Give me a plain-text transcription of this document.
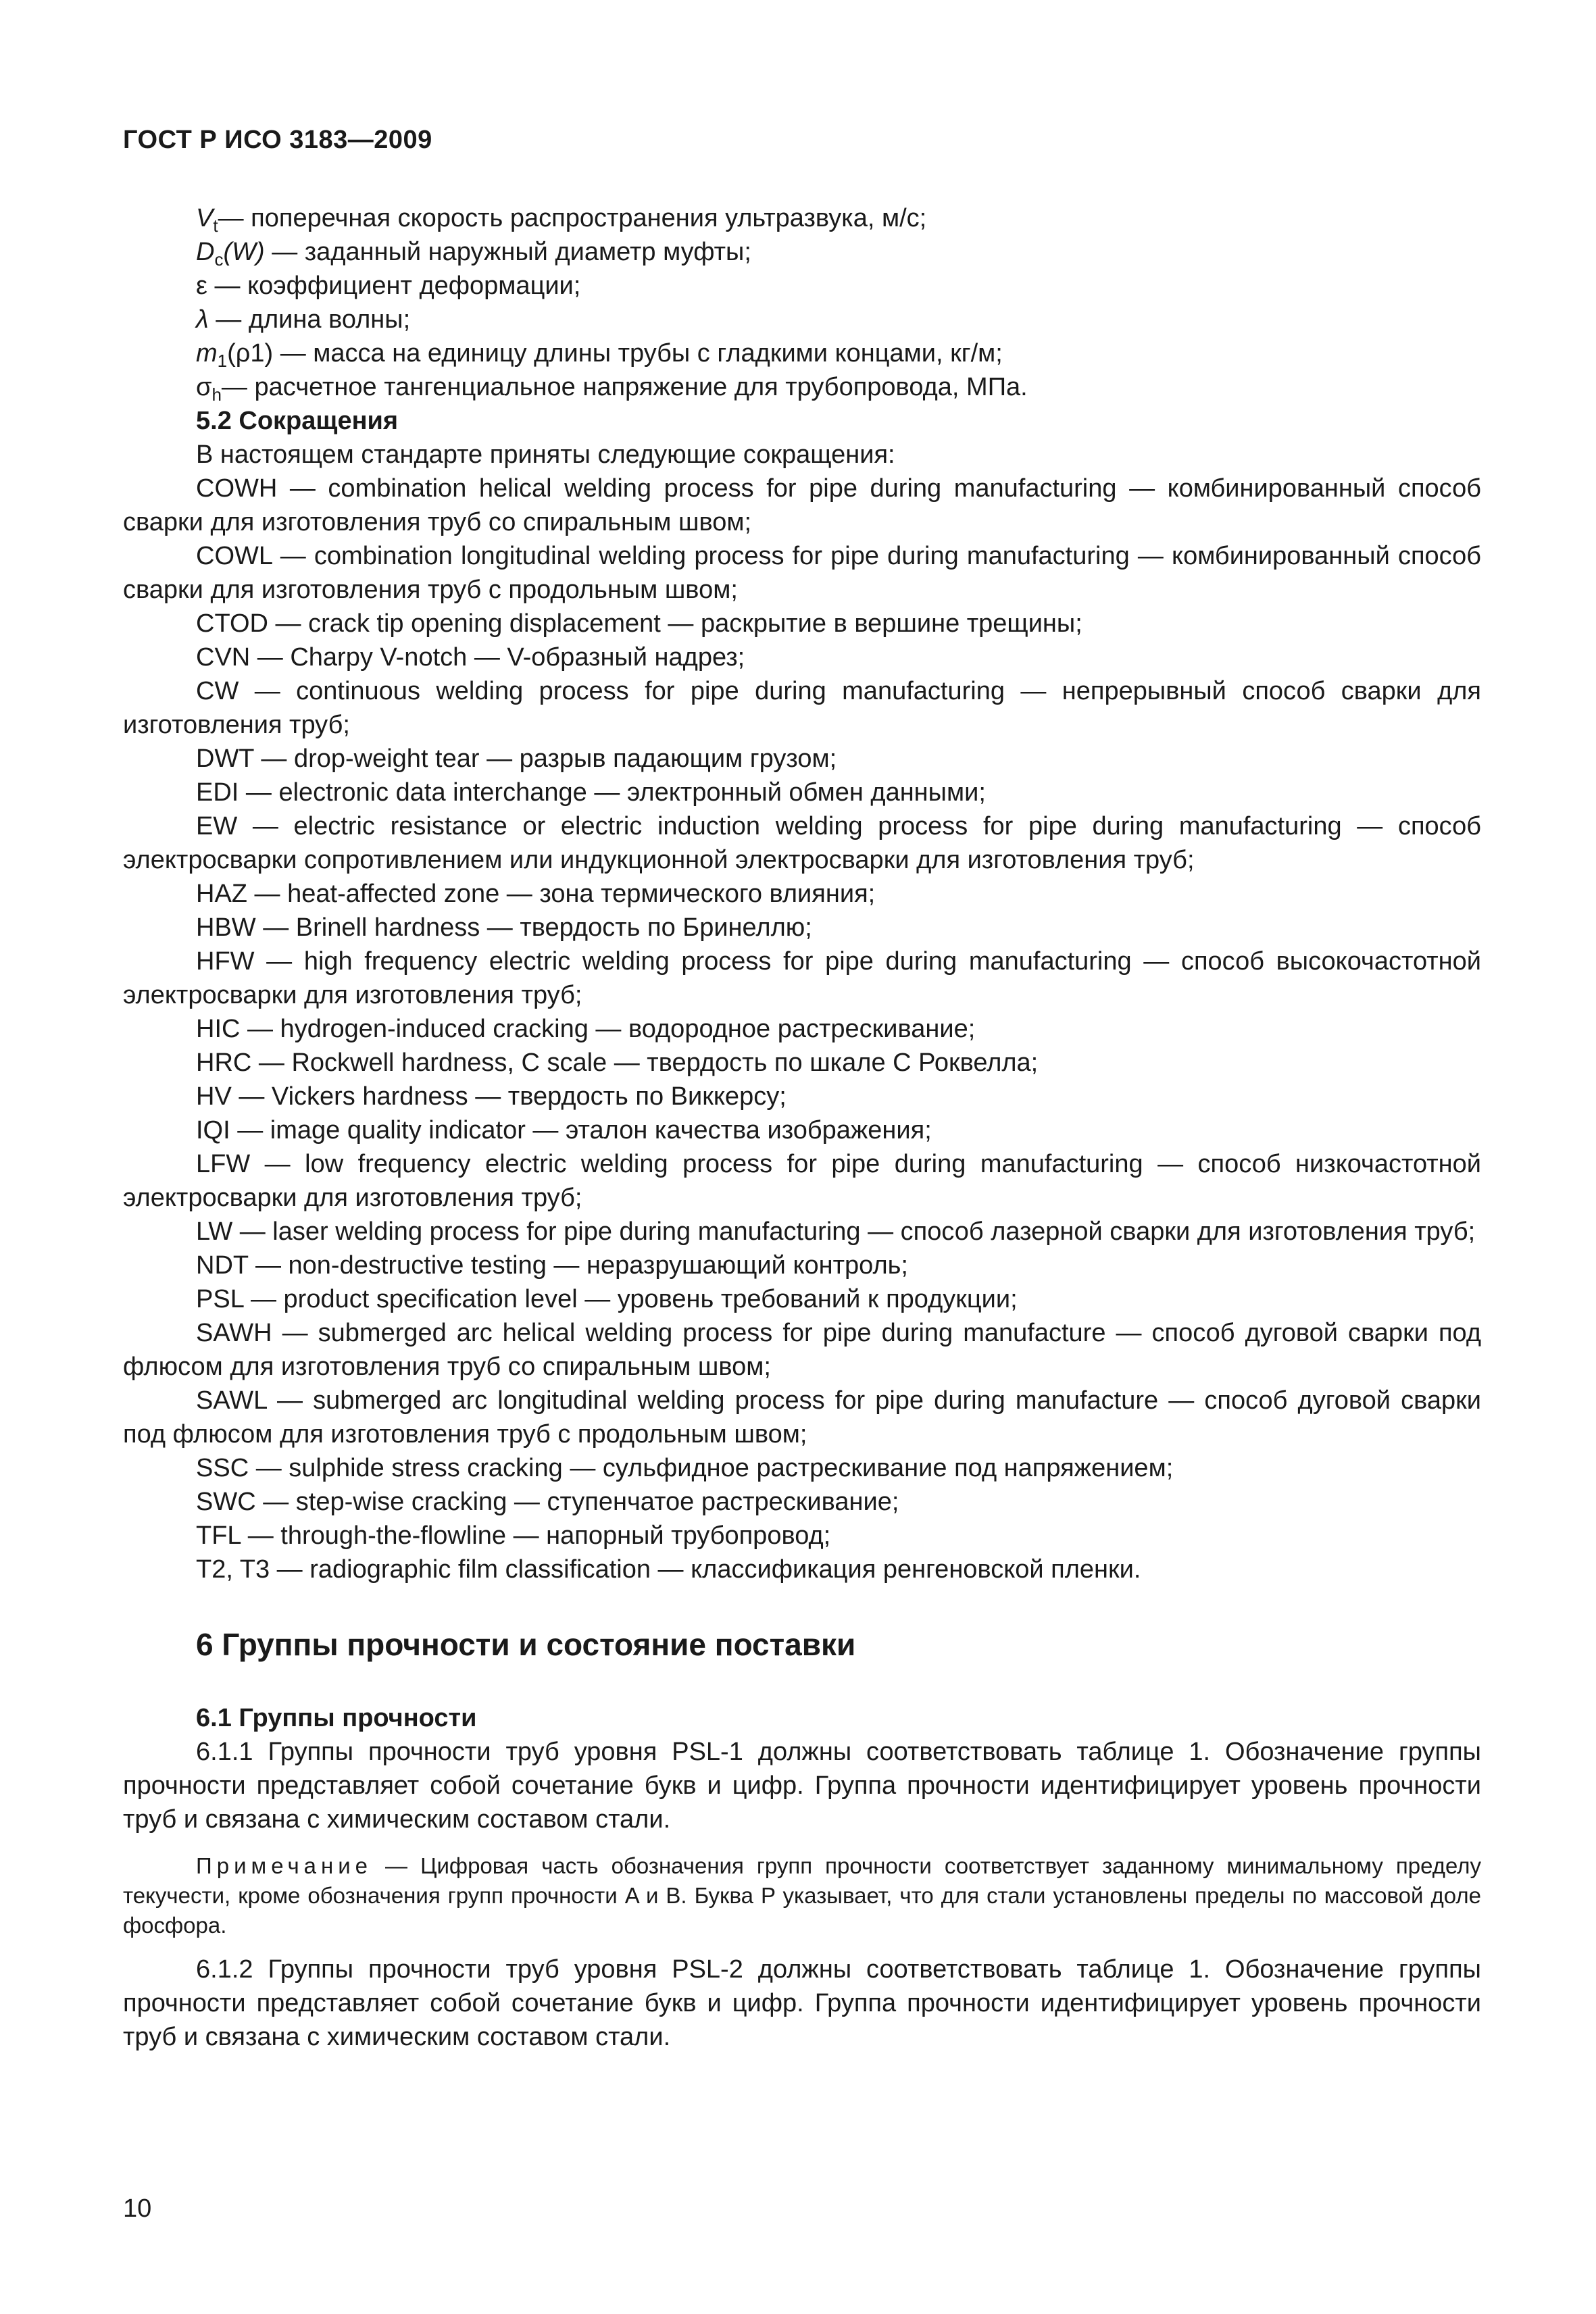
ГОСТ Р ИСО 3183—2009

$V_t—$ поперечная скорость распространения ультразвука, м/с;

$D_c(W)$ — заданный наружный диаметр муфты;

ε — коэффициент деформации;

λ — длина волны;

$m_1(\rho 1)$ — масса на единицу длины трубы с гладкими концами, кг/м;

$\sigma_h—$ расчетное тангенциальное напряжение для трубопровода, МПа.

5.2 Сокращения

В настоящем стандарте приняты следующие сокращения:

COWH — combination helical welding process for pipe during manufacturing — комбинированный способ сварки для изготовления труб со спиральным швом;

COWL — combination longitudinal welding process for pipe during manufacturing — комбинированный способ сварки для изготовления труб с продольным швом;

CTOD — crack tip opening displacement — раскрытие в вершине трещины;

CVN — Charpy V-notch — V-образный надрез;

CW — continuous welding process for pipe during manufacturing — непрерывный способ сварки для изготовления труб;

DWT — drop-weight tear — разрыв падающим грузом;

EDI — electronic data interchange — электронный обмен данными;

EW — electric resistance or electric induction welding process for pipe during manufacturing — способ электросварки сопротивлением или индукционной электросварки для изготовления труб;

HAZ — heat-affected zone — зона термического влияния;

HBW — Brinell hardness — твердость по Бринеллю;

HFW — high frequency electric welding process for pipe during manufacturing — способ высокочастотной электросварки для изготовления труб;

HIC — hydrogen-induced cracking — водородное растрескивание;

HRC — Rockwell hardness, C scale — твердость по шкале C Роквелла;

HV — Vickers hardness — твердость по Виккерсу;

IQI — image quality indicator — эталон качества изображения;

LFW — low frequency electric welding process for pipe during manufacturing — способ низкочастотной электросварки для изготовления труб;

LW — laser welding process for pipe during manufacturing — способ лазерной сварки для изготовления труб;

NDT — non-destructive testing — неразрушающий контроль;

PSL — product specification level — уровень требований к продукции;

SAWH — submerged arc helical welding process for pipe during manufacture — способ дуговой сварки под флюсом для изготовления труб со спиральным швом;

SAWL — submerged arc longitudinal welding process for pipe during manufacture — способ дуговой сварки под флюсом для изготовления труб с продольным швом;

SSC — sulphide stress cracking — сульфидное растрескивание под напряжением;

SWC — step-wise cracking — ступенчатое растрескивание;

TFL — through-the-flowline — напорный трубопровод;

T2, T3 — radiographic film classification — классификация ренгеновской пленки.

6 Группы прочности и состояние поставки

6.1 Группы прочности

6.1.1 Группы прочности труб уровня PSL-1 должны соответствовать таблице 1. Обозначение группы прочности представляет собой сочетание букв и цифр. Группа прочности идентифицирует уровень прочности труб и связана с химическим составом стали.

Примечание — Цифровая часть обозначения групп прочности соответствует заданному минимальному пределу текучести, кроме обозначения групп прочности A и B. Буква P указывает, что для стали установлены пределы по массовой доле фосфора.

6.1.2 Группы прочности труб уровня PSL-2 должны соответствовать таблице 1. Обозначение группы прочности представляет собой сочетание букв и цифр. Группа прочности идентифицирует уровень прочности труб и связана с химическим составом стали.

10
